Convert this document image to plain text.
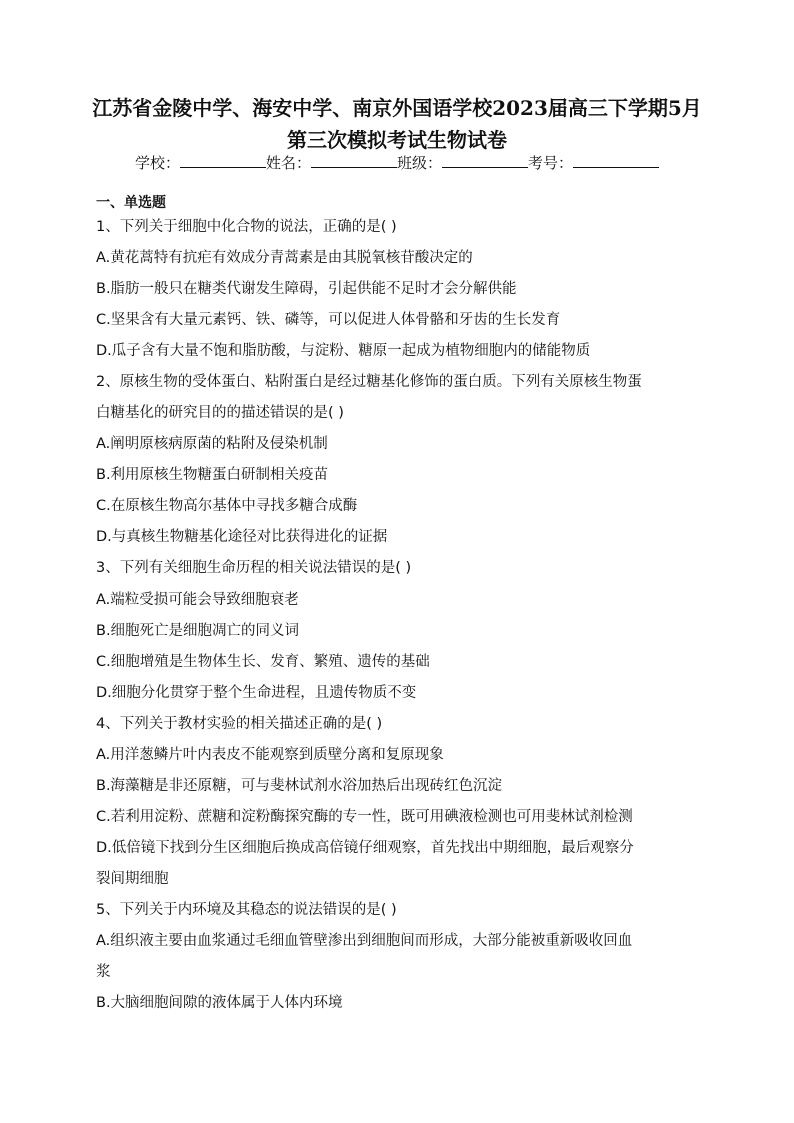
江苏省金陵中学、海安中学、南京外国语学校2023届高三下学期5月
第三次模拟考试生物试卷
学校：	姓名：	班级：	考号：
一、单选题
1、下列关于细胞中化合物的说法，正确的是( )
A.黄花蒿特有抗疟有效成分青蒿素是由其脱氧核苷酸决定的
B.脂肪一般只在糖类代谢发生障碍，引起供能不足时才会分解供能
C.坚果含有大量元素钙、铁、磷等，可以促进人体骨骼和牙齿的生长发育
D.瓜子含有大量不饱和脂肪酸，与淀粉、糖原一起成为植物细胞内的储能物质
2、原核生物的受体蛋白、粘附蛋白是经过糖基化修饰的蛋白质。下列有关原核生物蛋
白糖基化的研究目的的描述错误的是( )
A.阐明原核病原菌的粘附及侵染机制
B.利用原核生物糖蛋白研制相关疫苗
C.在原核生物高尔基体中寻找多糖合成酶
D.与真核生物糖基化途径对比获得进化的证据
3、下列有关细胞生命历程的相关说法错误的是( )
A.端粒受损可能会导致细胞衰老
B.细胞死亡是细胞凋亡的同义词
C.细胞增殖是生物体生长、发育、繁殖、遗传的基础
D.细胞分化贯穿于整个生命进程，且遗传物质不变
4、下列关于教材实验的相关描述正确的是( )
A.用洋葱鳞片叶内表皮不能观察到质壁分离和复原现象
B.海藻糖是非还原糖，可与斐林试剂水浴加热后出现砖红色沉淀
C.若利用淀粉、蔗糖和淀粉酶探究酶的专一性，既可用碘液检测也可用斐林试剂检测
D.低倍镜下找到分生区细胞后换成高倍镜仔细观察，首先找出中期细胞，最后观察分
裂间期细胞
5、下列关于内环境及其稳态的说法错误的是( )
A.组织液主要由血浆通过毛细血管壁渗出到细胞间而形成，大部分能被重新吸收回血
浆
B.大脑细胞间隙的液体属于人体内环境
